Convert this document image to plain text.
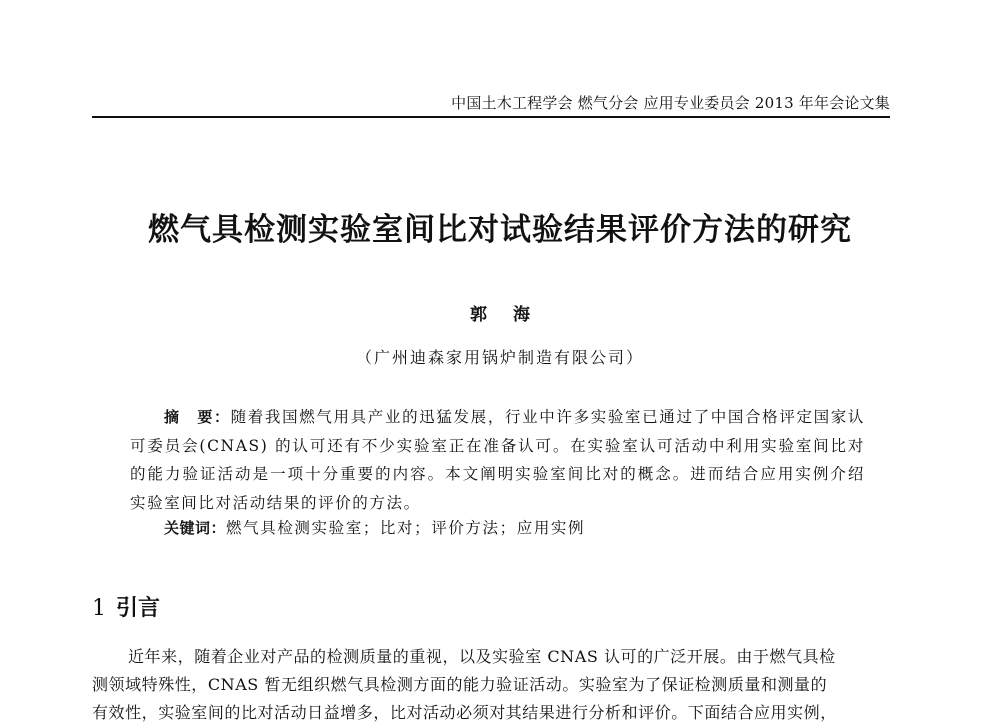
中国土木工程学会 燃气分会 应用专业委员会 2013 年年会论文集
燃气具检测实验室间比对试验结果评价方法的研究
郭 海
（广州迪森家用锅炉制造有限公司）
摘　要：随着我国燃气用具产业的迅猛发展，行业中许多实验室已通过了中国合格评定国家认可委员会(CNAS) 的认可还有不少实验室正在准备认可。在实验室认可活动中利用实验室间比对的能力验证活动是一项十分重要的内容。本文阐明实验室间比对的概念。进而结合应用实例介绍实验室间比对活动结果的评价的方法。
关键词：燃气具检测实验室；比对；评价方法；应用实例
1 引言
近年来，随着企业对产品的检测质量的重视，以及实验室 CNAS 认可的广泛开展。由于燃气具检
测领域特殊性，CNAS 暂无组织燃气具检测方面的能力验证活动。实验室为了保证检测质量和测量的
有效性，实验室间的比对活动日益增多，比对活动必须对其结果进行分析和评价。下面结合应用实例，
